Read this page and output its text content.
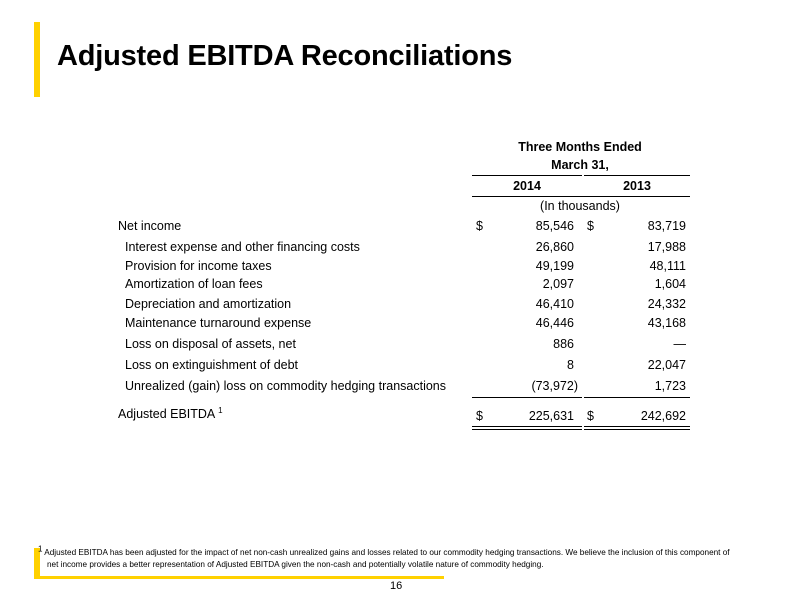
Adjusted EBITDA Reconciliations
Three Months Ended
March 31,
2014	2013
(In thousands)
Net income	$	85,546 $	83,719
Interest expense and other financing costs	26,860	17,988
Provision for income taxes	49,199	48,111
Amortization of loan fees	2,097	1,604
Depreciation and amortization	46,410	24,332
Maintenance turnaround expense	46,446	43,168
Loss on disposal of assets, net	886	—
Loss on extinguishment of debt	8	22,047
Unrealized (gain) loss on commodity hedging transactions	(73,972)	1,723
Adjusted EBITDA $^1$	$	225,631 $	242,692
$^1$ Adjusted EBITDA has been adjusted for the impact of net non-cash unrealized gains and losses related to our commodity hedging transactions. We believe the inclusion of this component of
net income provides a better representation of Adjusted EBITDA given the non-cash and potentially volatile nature of commodity hedging.
16
